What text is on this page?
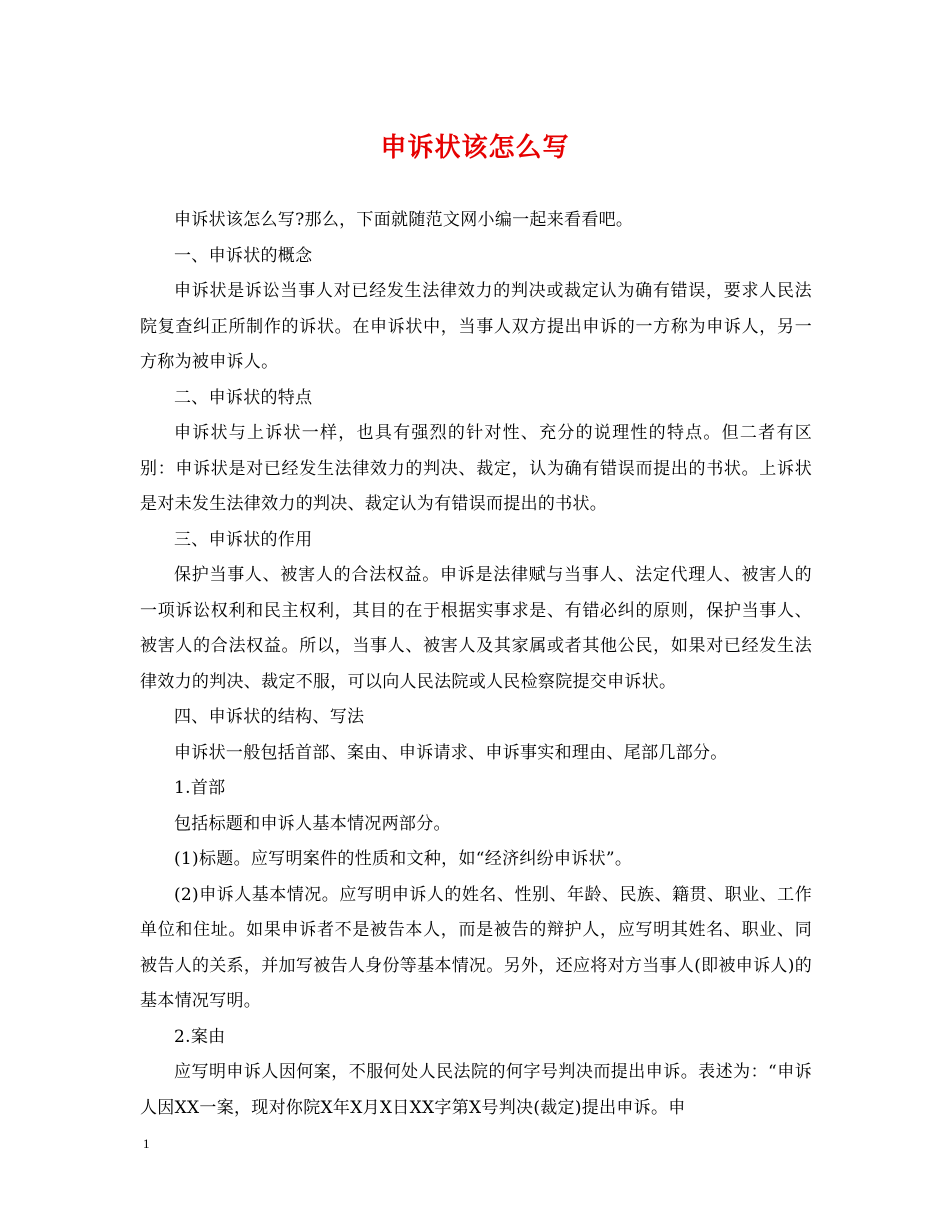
申诉状该怎么写

申诉状该怎么写?那么，下面就随范文网小编一起来看看吧。

一、申诉状的概念

申诉状是诉讼当事人对已经发生法律效力的判决或裁定认为确有错误，要求人民法院复查纠正所制作的诉状。在申诉状中，当事人双方提出申诉的一方称为申诉人，另一方称为被申诉人。

二、申诉状的特点

申诉状与上诉状一样，也具有强烈的针对性、充分的说理性的特点。但二者有区别：申诉状是对已经发生法律效力的判决、裁定，认为确有错误而提出的书状。上诉状是对未发生法律效力的判决、裁定认为有错误而提出的书状。

三、申诉状的作用

保护当事人、被害人的合法权益。申诉是法律赋与当事人、法定代理人、被害人的一项诉讼权利和民主权利，其目的在于根据实事求是、有错必纠的原则，保护当事人、被害人的合法权益。所以，当事人、被害人及其家属或者其他公民，如果对已经发生法律效力的判决、裁定不服，可以向人民法院或人民检察院提交申诉状。

四、申诉状的结构、写法

申诉状一般包括首部、案由、申诉请求、申诉事实和理由、尾部几部分。

1.首部

包括标题和申诉人基本情况两部分。

(1)标题。应写明案件的性质和文种，如“经济纠纷申诉状”。

(2)申诉人基本情况。应写明申诉人的姓名、性别、年龄、民族、籍贯、职业、工作单位和住址。如果申诉者不是被告本人，而是被告的辩护人，应写明其姓名、职业、同被告人的关系，并加写被告人身份等基本情况。另外，还应将对方当事人(即被申诉人)的基本情况写明。

2.案由

应写明申诉人因何案，不服何处人民法院的何字号判决而提出申诉。表述为：“申诉人因XX一案，现对你院X年X月X日XX字第X号判决(裁定)提出申诉。申

1
